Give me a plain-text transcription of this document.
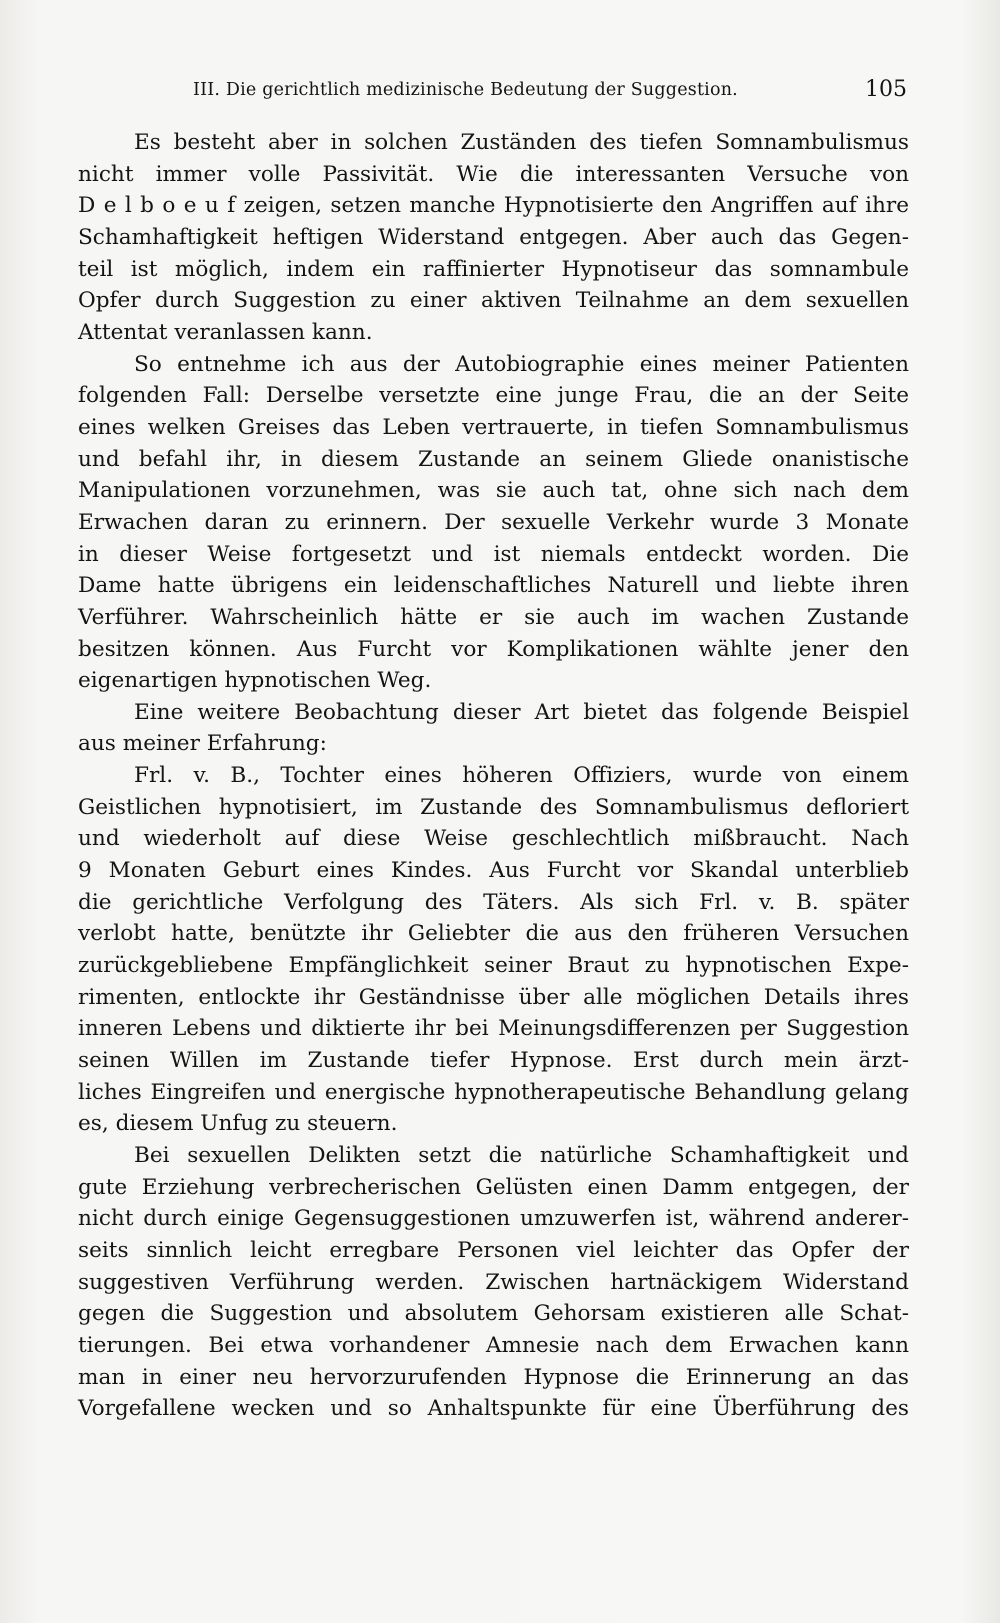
III. Die gerichtlich medizinische Bedeutung der Suggestion.	105
Es besteht aber in solchen Zuständen des tiefen Somnambulismus
nicht immer volle Passivität. Wie die interessanten Versuche von
D e l b o e u f zeigen, setzen manche Hypnotisierte den Angriffen auf ihre
Schamhaftigkeit heftigen Widerstand entgegen. Aber auch das Gegen-
teil ist möglich, indem ein raffinierter Hypnotiseur das somnambule
Opfer durch Suggestion zu einer aktiven Teilnahme an dem sexuellen
Attentat veranlassen kann.
So entnehme ich aus der Autobiographie eines meiner Patienten
folgenden Fall: Derselbe versetzte eine junge Frau, die an der Seite
eines welken Greises das Leben vertrauerte, in tiefen Somnambulismus
und befahl ihr, in diesem Zustande an seinem Gliede onanistische
Manipulationen vorzunehmen, was sie auch tat, ohne sich nach dem
Erwachen daran zu erinnern. Der sexuelle Verkehr wurde 3 Monate
in dieser Weise fortgesetzt und ist niemals entdeckt worden. Die
Dame hatte übrigens ein leidenschaftliches Naturell und liebte ihren
Verführer. Wahrscheinlich hätte er sie auch im wachen Zustande
besitzen können. Aus Furcht vor Komplikationen wählte jener den
eigenartigen hypnotischen Weg.
Eine weitere Beobachtung dieser Art bietet das folgende Beispiel
aus meiner Erfahrung:
Frl. v. B., Tochter eines höheren Offiziers, wurde von einem
Geistlichen hypnotisiert, im Zustande des Somnambulismus defloriert
und wiederholt auf diese Weise geschlechtlich mißbraucht. Nach
9 Monaten Geburt eines Kindes. Aus Furcht vor Skandal unterblieb
die gerichtliche Verfolgung des Täters. Als sich Frl. v. B. später
verlobt hatte, benützte ihr Geliebter die aus den früheren Versuchen
zurückgebliebene Empfänglichkeit seiner Braut zu hypnotischen Expe-
rimenten, entlockte ihr Geständnisse über alle möglichen Details ihres
inneren Lebens und diktierte ihr bei Meinungsdifferenzen per Suggestion
seinen Willen im Zustande tiefer Hypnose. Erst durch mein ärzt-
liches Eingreifen und energische hypnotherapeutische Behandlung gelang
es, diesem Unfug zu steuern.
Bei sexuellen Delikten setzt die natürliche Schamhaftigkeit und
gute Erziehung verbrecherischen Gelüsten einen Damm entgegen, der
nicht durch einige Gegensuggestionen umzuwerfen ist, während anderer-
seits sinnlich leicht erregbare Personen viel leichter das Opfer der
suggestiven Verführung werden. Zwischen hartnäckigem Widerstand
gegen die Suggestion und absolutem Gehorsam existieren alle Schat-
tierungen. Bei etwa vorhandener Amnesie nach dem Erwachen kann
man in einer neu hervorzurufenden Hypnose die Erinnerung an das
Vorgefallene wecken und so Anhaltspunkte für eine Überführung des
